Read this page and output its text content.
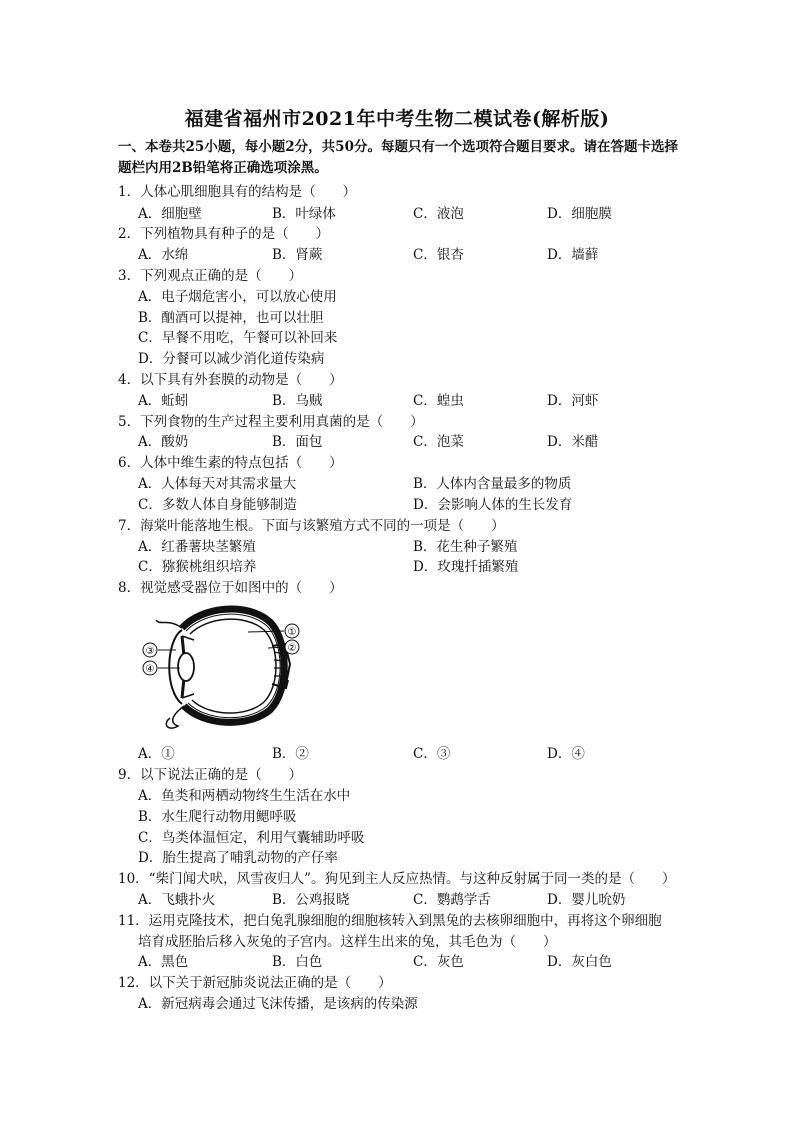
福建省福州市2021年中考生物二模试卷(解析版)
一、本卷共25小题，每小题2分，共50分。每题只有一个选项符合题目要求。请在答题卡选择题栏内用2B铅笔将正确选项涂黑。
1．人体心肌细胞具有的结构是（　　）
A．细胞壁	B．叶绿体	C．液泡	D．细胞膜
2．下列植物具有种子的是（　　）
A．水绵	B．肾蕨	C．银杏	D．墙藓
3．下列观点正确的是（　　）
A．电子烟危害小，可以放心使用
B．酗酒可以提神，也可以壮胆
C．早餐不用吃，午餐可以补回来
D．分餐可以减少消化道传染病
4．以下具有外套膜的动物是（　　）
A．蚯蚓	B．乌贼	C．蝗虫	D．河虾
5．下列食物的生产过程主要利用真菌的是（　　）
A．酸奶	B．面包	C．泡菜	D．米醋
6．人体中维生素的特点包括（　　）
A．人体每天对其需求量大	B．人体内含量最多的物质
C．多数人体自身能够制造	D．会影响人体的生长发育
7．海棠叶能落地生根。下面与该繁殖方式不同的一项是（　　）
A．红番薯块茎繁殖	B．花生种子繁殖
C．猕猴桃组织培养	D．玫瑰扦插繁殖
8．视觉感受器位于如图中的（　　）
①
②
③
④
A．①	B．②	C．③	D．④
9．以下说法正确的是（　　）
A．鱼类和两栖动物终生生活在水中
B．水生爬行动物用鳃呼吸
C．鸟类体温恒定，利用气囊辅助呼吸
D．胎生提高了哺乳动物的产仔率
10．“柴门闻犬吠，风雪夜归人”。狗见到主人反应热情。与这种反射属于同一类的是（　　）
A．飞蛾扑火	B．公鸡报晓	C．鹦鹉学舌	D．婴儿吮奶
11．运用克隆技术，把白兔乳腺细胞的细胞核转入到黑兔的去核卵细胞中，再将这个卵细胞
培育成胚胎后移入灰兔的子宫内。这样生出来的兔，其毛色为（　　）
A．黑色	B．白色	C．灰色	D．灰白色
12．以下关于新冠肺炎说法正确的是（　　）
A．新冠病毒会通过飞沫传播，是该病的传染源
